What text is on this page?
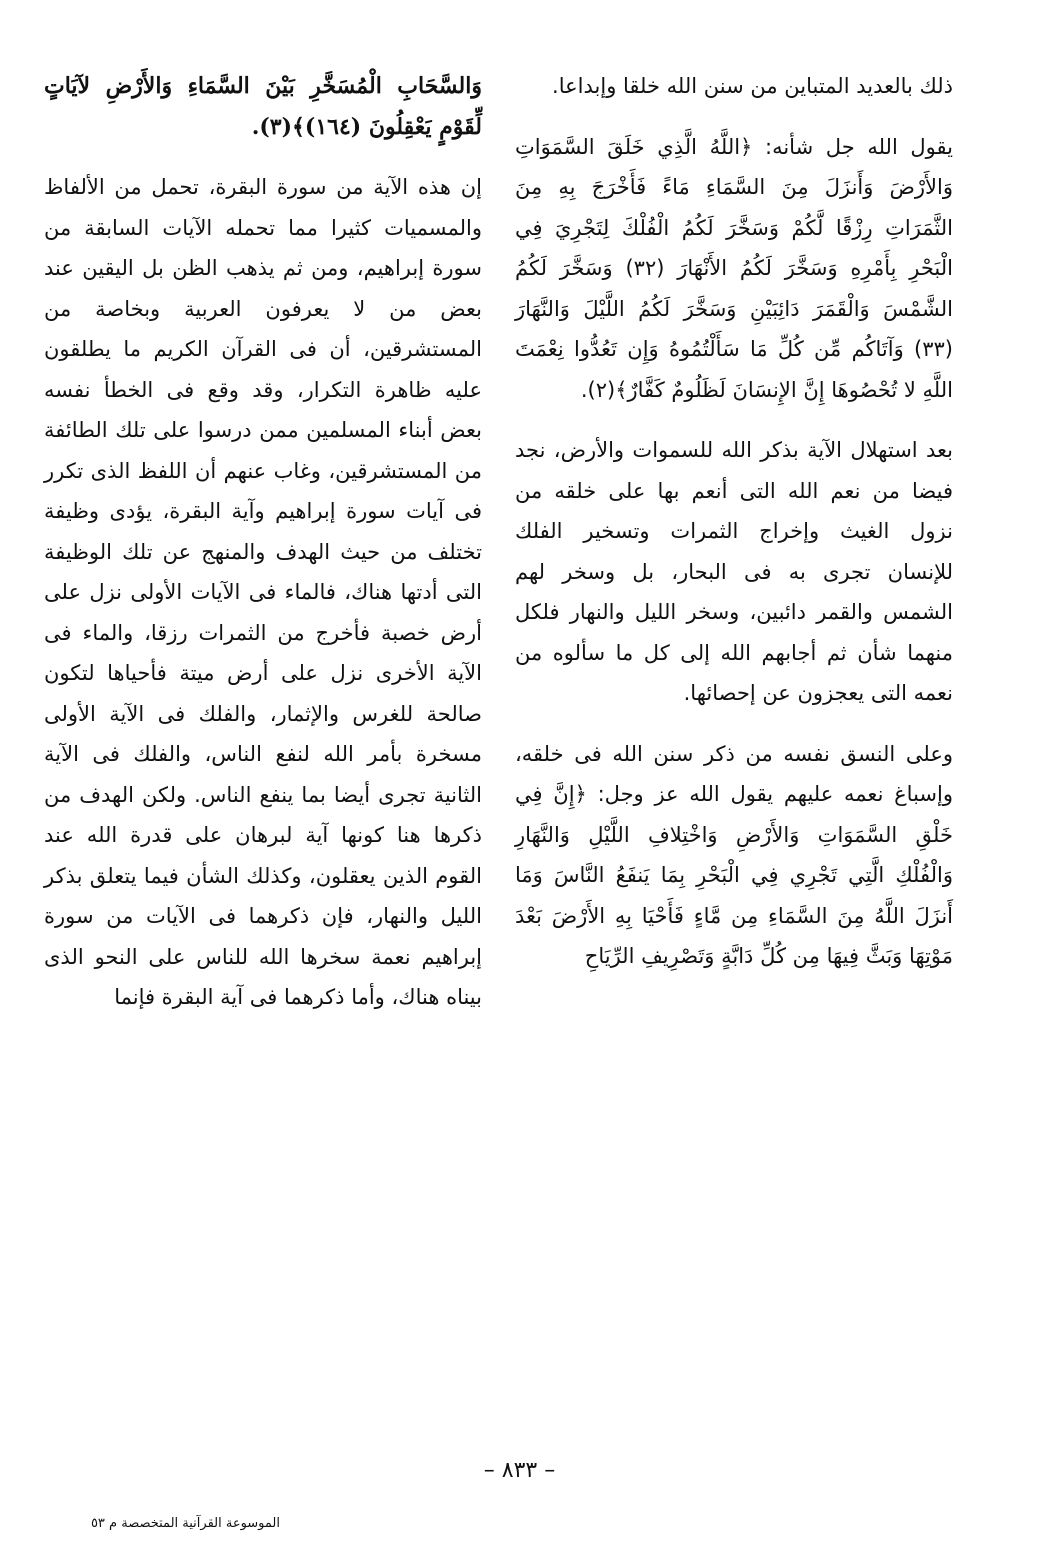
ذلك بالعديد المتباين من سنن الله خلقا وإبداعا.

يقول الله جل شأنه: ﴿اللَّهُ الَّذِي خَلَقَ السَّمَوَاتِ وَالأَرْضَ وَأَنزَلَ مِنَ السَّمَاءِ مَاءً فَأَخْرَجَ بِهِ مِنَ الثَّمَرَاتِ رِزْقًا لَّكُمْ وَسَخَّرَ لَكُمُ الْفُلْكَ لِتَجْرِيَ فِي الْبَحْرِ بِأَمْرِهِ وَسَخَّرَ لَكُمُ الأَنْهَارَ (٣٢) وَسَخَّرَ لَكُمُ الشَّمْسَ وَالْقَمَرَ دَائِبَيْنِ وَسَخَّرَ لَكُمُ اللَّيْلَ وَالنَّهَارَ (٣٣) وَآتَاكُم مِّن كُلِّ مَا سَأَلْتُمُوهُ وَإِن تَعُدُّوا نِعْمَتَ اللَّهِ لا تُحْصُوهَا إِنَّ الإِنسَانَ لَظَلُومٌ كَفَّارٌ﴾(٢).

بعد استهلال الآية بذكر الله للسموات والأرض، نجد فيضا من نعم الله التى أنعم بها على خلقه من نزول الغيث وإخراج الثمرات وتسخير الفلك للإنسان تجرى به فى البحار، بل وسخر لهم الشمس والقمر دائبين، وسخر الليل والنهار فلكل منهما شأن ثم أجابهم الله إلى كل ما سألوه من نعمه التى يعجزون عن إحصائها.

وعلى النسق نفسه من ذكر سنن الله فى خلقه، وإسباغ نعمه عليهم يقول الله عز وجل: ﴿إِنَّ فِي خَلْقِ السَّمَوَاتِ وَالأَرْضِ وَاخْتِلافِ اللَّيْلِ وَالنَّهَارِ وَالْفُلْكِ الَّتِي تَجْرِي فِي الْبَحْرِ بِمَا يَنفَعُ النَّاسَ وَمَا أَنزَلَ اللَّهُ مِنَ السَّمَاءِ مِن مَّاءٍ فَأَحْيَا بِهِ الأَرْضَ بَعْدَ مَوْتِهَا وَبَثَّ فِيهَا مِن كُلِّ دَابَّةٍ وَتَصْرِيفِ الرِّيَاحِ

وَالسَّحَابِ الْمُسَخَّرِ بَيْنَ السَّمَاءِ وَالأَرْضِ لآيَاتٍ لِّقَوْمٍ يَعْقِلُونَ (١٦٤)﴾(٣).

إن هذه الآية من سورة البقرة، تحمل من الألفاظ والمسميات كثيرا مما تحمله الآيات السابقة من سورة إبراهيم، ومن ثم يذهب الظن بل اليقين عند بعض من لا يعرفون العربية وبخاصة من المستشرقين، أن فى القرآن الكريم ما يطلقون عليه ظاهرة التكرار، وقد وقع فى الخطأ نفسه بعض أبناء المسلمين ممن درسوا على تلك الطائفة من المستشرقين، وغاب عنهم أن اللفظ الذى تكرر فى آيات سورة إبراهيم وآية البقرة، يؤدى وظيفة تختلف من حيث الهدف والمنهج عن تلك الوظيفة التى أدتها هناك، فالماء فى الآيات الأولى نزل على أرض خصبة فأخرج من الثمرات رزقا، والماء فى الآية الأخرى نزل على أرض ميتة فأحياها لتكون صالحة للغرس والإثمار، والفلك فى الآية الأولى مسخرة بأمر الله لنفع الناس، والفلك فى الآية الثانية تجرى أيضا بما ينفع الناس. ولكن الهدف من ذكرها هنا كونها آية لبرهان على قدرة الله عند القوم الذين يعقلون، وكذلك الشأن فيما يتعلق بذكر الليل والنهار، فإن ذكرهما فى الآيات من سورة إبراهيم نعمة سخرها الله للناس على النحو الذى بيناه هناك، وأما ذكرهما فى آية البقرة فإنما

– ٨٣٣ –
الموسوعة القرآنية المتخصصة م ٥٣
